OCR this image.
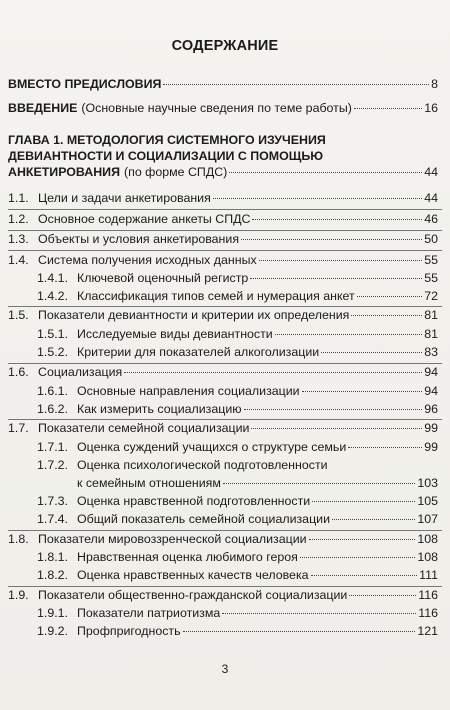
СОДЕРЖАНИЕ
ВМЕСТО ПРЕДИСЛОВИЯ	8
ВВЕДЕНИЕ (Основные научные сведения по теме работы)	16
ГЛАВА 1. МЕТОДОЛОГИЯ СИСТЕМНОГО ИЗУЧЕНИЯ
ДЕВИАНТНОСТИ И СОЦИАЛИЗАЦИИ С ПОМОЩЬЮ
АНКЕТИРОВАНИЯ (по форме СПДС)	44
1.1. Цели и задачи анкетирования	44
1.2. Основное содержание анкеты СПДС	46
1.3. Объекты и условия анкетирования	50
1.4. Система получения исходных данных	55
1.4.1. Ключевой оценочный регистр	55
1.4.2. Классификация типов семей и нумерация анкет	72
1.5. Показатели девиантности и критерии их определения	81
1.5.1. Исследуемые виды девиантности	81
1.5.2. Критерии для показателей алкоголизации	83
1.6. Социализация	94
1.6.1. Основные направления социализации	94
1.6.2. Как измерить социализацию	96
1.7. Показатели семейной социализации	99
1.7.1. Оценка суждений учащихся о структуре семьи	99
1.7.2. Оценка психологической подготовленности
к семейным отношениям	103
1.7.3. Оценка нравственной подготовленности	105
1.7.4. Общий показатель семейной социализации	107
1.8. Показатели мировоззренческой социализации	108
1.8.1. Нравственная оценка любимого героя	108
1.8.2. Оценка нравственных качеств человека	111
1.9. Показатели общественно-гражданской социализации	116
1.9.1. Показатели патриотизма	116
1.9.2. Профпригодность	121
3
